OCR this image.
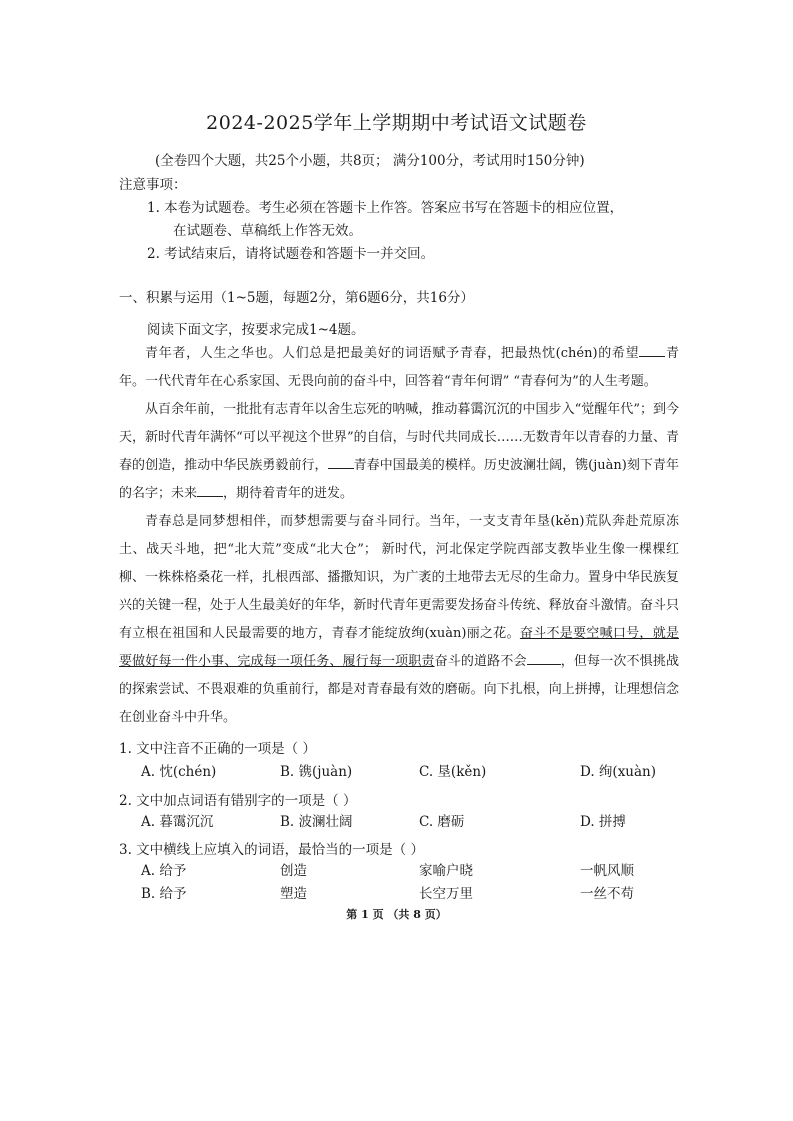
2024-2025学年上学期期中考试语文试题卷
(全卷四个大题，共25个小题，共8页； 满分100分，考试用时150分钟)
注意事项：
1. 本卷为试题卷。考生必须在答题卡上作答。答案应书写在答题卡的相应位置，
在试题卷、草稿纸上作答无效。
2. 考试结束后，请将试题卷和答题卡一并交回。
一、积累与运用（1~5题，每题2分，第6题6分，共16分）
阅读下面文字，按要求完成1~4题。

青年者，人生之华也。人们总是把最美好的词语赋予青春，把最热忱(chén)的希望 青年。一代代青年在心系家国、无畏向前的奋斗中，回答着“青年何谓” “青春何为”的人生考题。

从百余年前，一批批有志青年以舍生忘死的呐喊，推动暮霭沉沉的中国步入“觉醒年代”；到今天，新时代青年满怀“可以平视这个世界”的自信，与时代共同成长……无数青年以青春的力量、青春的创造，推动中华民族勇毅前行， 青春中国最美的模样。历史波澜壮阔，镌(juàn)刻下青年的名字；未来 ，期待着青年的迸发。

青春总是同梦想相伴，而梦想需要与奋斗同行。当年，一支支青年垦(kěn)荒队奔赴荒原冻土、战天斗地，把“北大荒”变成“北大仓”； 新时代，河北保定学院西部支教毕业生像一棵棵红柳、一株株格桑花一样，扎根西部、播撒知识，为广袤的土地带去无尽的生命力。置身中华民族复兴的关键一程，处于人生最美好的年华，新时代青年更需要发扬奋斗传统、释放奋斗激情。奋斗只有立根在祖国和人民最需要的地方，青春才能绽放绚(xuàn)丽之花。奋斗不是要空喊口号，就是要做好每一件小事、完成每一项任务、履行每一项职责奋斗的道路不会	，但每一次不惧挑战的探索尝试、不畏艰难的负重前行，都是对青春最有效的磨砺。向下扎根，向上拼搏，让理想信念在创业奋斗中升华。

1. 文中注音不正确的一项是（ ）
A. 忱(chén)	B. 镌(juàn)	C. 垦(kěn)	D. 绚(xuàn)
2. 文中加点词语有错别字的一项是（ ）
A. 暮霭沉沉	B. 波澜壮阔	C. 磨砺	D. 拼搏
3. 文中横线上应填入的词语，最恰当的一项是（ ）
A. 给予	创造	家喻户晓	一帆风顺
B. 给予	塑造	长空万里	一丝不苟
第 1 页 （共 8 页）
